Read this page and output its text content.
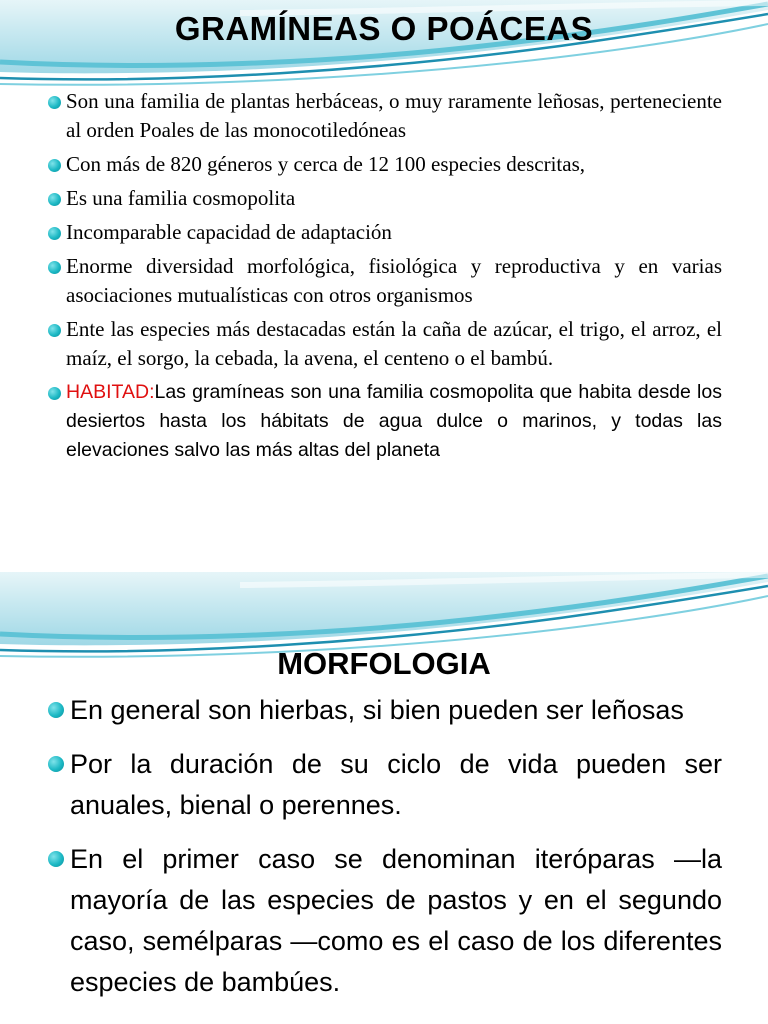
GRAMÍNEAS O POÁCEAS
Son una familia de plantas herbáceas, o muy raramente leñosas, perteneciente al orden Poales de las monocotiledóneas
Con más de 820 géneros y cerca de 12 100 especies descritas,
Es una familia cosmopolita
Incomparable capacidad de adaptación
Enorme diversidad morfológica, fisiológica y reproductiva y en varias asociaciones mutualísticas con otros organismos
Ente las especies más destacadas están la caña de azúcar, el trigo, el arroz, el maíz, el sorgo, la cebada, la avena, el centeno o el bambú.
HABITAD:Las gramíneas son una familia cosmopolita que habita desde los desiertos hasta los hábitats de agua dulce o marinos, y todas las elevaciones salvo las más altas del planeta
MORFOLOGIA
En general son hierbas, si bien pueden ser leñosas
Por la duración de su ciclo de vida pueden ser anuales, bienal o perennes.
En el primer caso se denominan iteróparas —la mayoría de las especies de pastos y en el segundo caso, semélparas —como es el caso de los diferentes especies de bambúes.
